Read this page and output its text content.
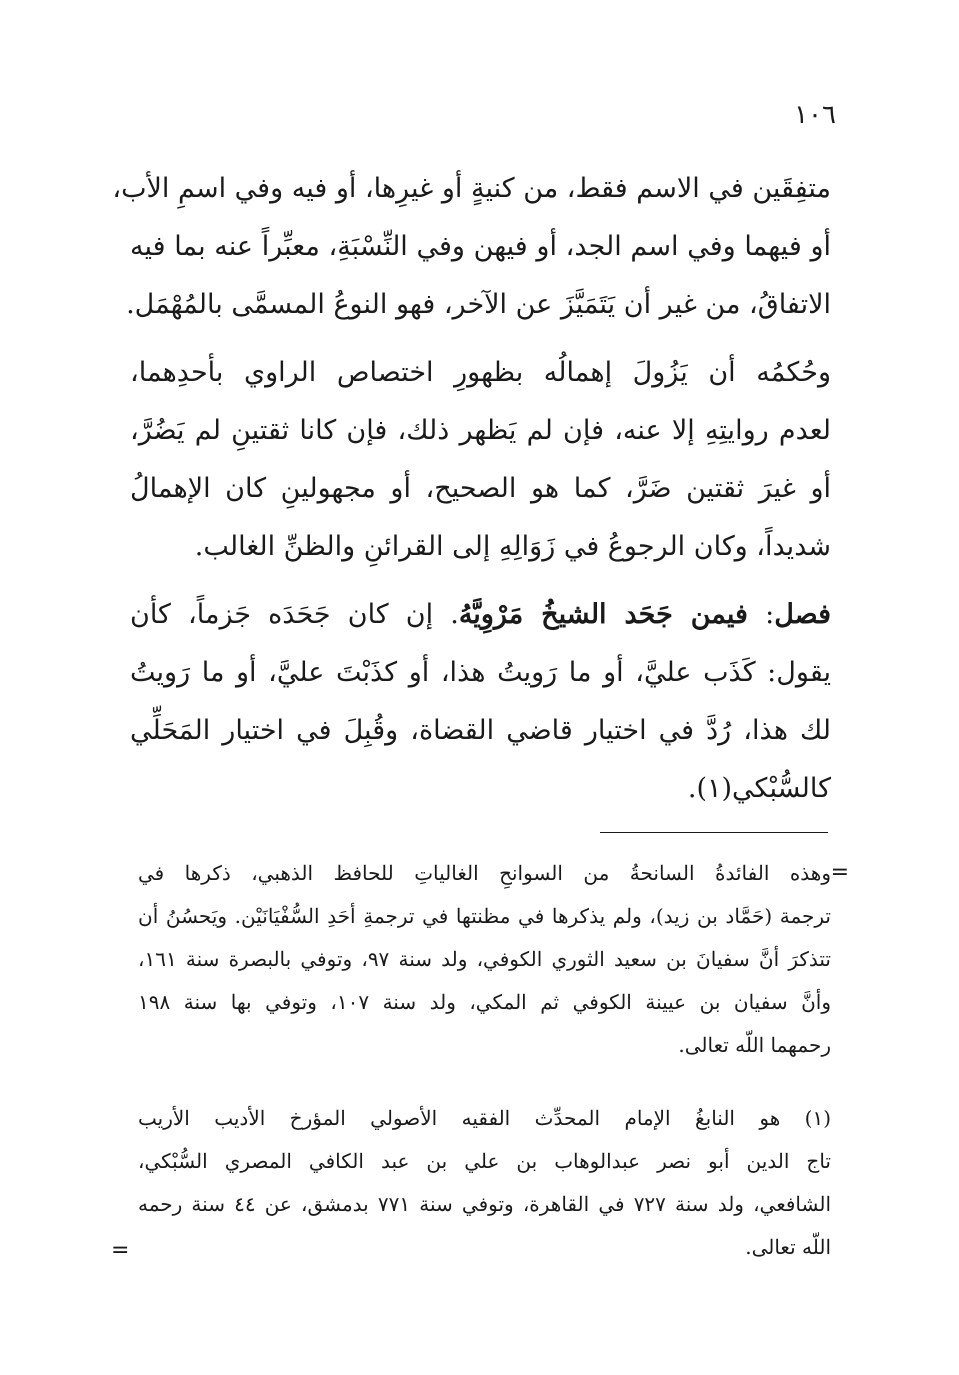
١٠٦
متفِقَين في الاسم فقط، من كنيةٍ أو غيرِها، أو فيه وفي اسمِ الأب،
أو فيهما وفي اسم الجد، أو فيهن وفي النِّسْبَةِ، معبِّراً عنه بما فيه
الاتفاقُ، من غير أن يَتَمَيَّزَ عن الآخر، فهو النوعُ المسمَّى بالمُهْمَل.
وحُكمُه أن يَزُولَ إهمالُه بظهورِ اختصاص الراوي بأحدِهما،
لعدم روايتِهِ إلا عنه، فإن لم يَظهر ذلك، فإن كانا ثقتينِ لم يَضُرَّ،
أو غيرَ ثقتين ضَرَّ، كما هو الصحيح، أو مجهولينِ كان الإهمالُ
شديداً، وكان الرجوعُ في زَوَالِهِ إلى القرائنِ والظنِّ الغالب.
فصل: فيمن جَحَد الشيخُ مَرْوِيَّهُ. إن كان جَحَدَه جَزماً، كأن
يقول: كَذَب عليَّ، أو ما رَويتُ هذا، أو كذَبْتَ عليَّ، أو ما رَويتُ
لك هذا، رُدَّ في اختيار قاضي القضاة، وقُبِلَ في اختيار المَحَلِّي
كالسُّبْكي(١).
=
وهذه الفائدةُ السانحةُ من السوانحِ الغالياتِ للحافظ الذهبي، ذكرها في
ترجمة (حَمَّاد بن زيد)، ولم يذكرها في مظنتها في ترجمةِ أحَدِ السُّفْيَانَيْن. ويَحسُنُ أن
تتذكرَ أنَّ سفيانَ بن سعيد الثوري الكوفي، ولد سنة ٩٧، وتوفي بالبصرة سنة ١٦١،
وأنَّ سفيان بن عيينة الكوفي ثم المكي، ولد سنة ١٠٧، وتوفي بها سنة ١٩٨
رحمهما اللّه تعالى.
(١) هو النابغُ الإمام المحدِّث الفقيه الأصولي المؤرخ الأديب الأريب
تاج الدين أبو نصر عبدالوهاب بن علي بن عبد الكافي المصري السُّبْكي،
الشافعي، ولد سنة ٧٢٧ في القاهرة، وتوفي سنة ٧٧١ بدمشق، عن ٤٤ سنة رحمه
اللّه تعالى.
=
